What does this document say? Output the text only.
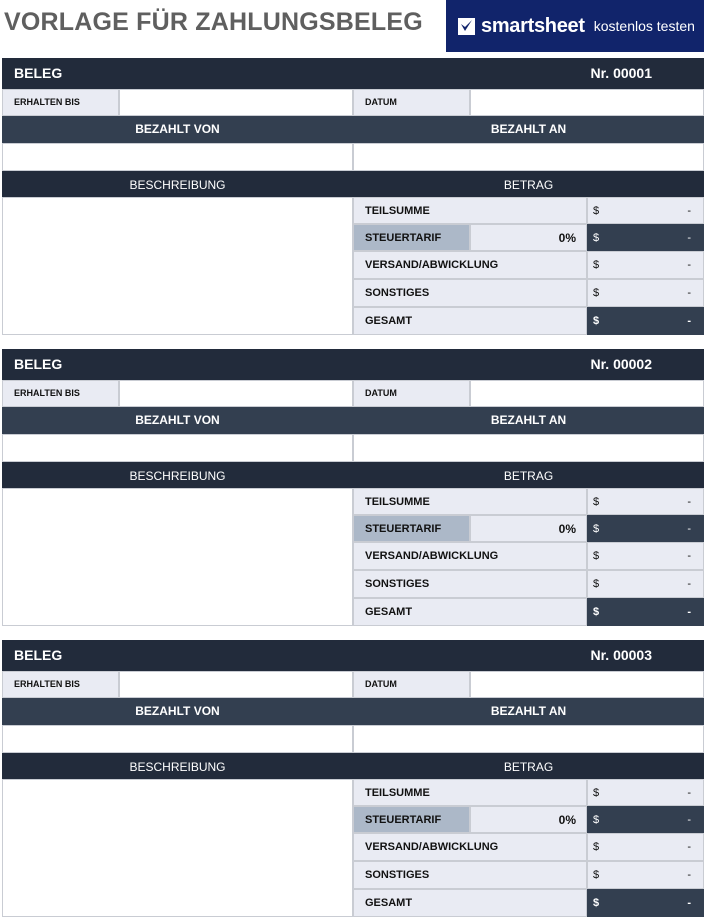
VORLAGE FÜR ZAHLUNGSBELEG	smartsheet kostenlos testen
BELEG	Nr. 00001
ERHALTEN BIS	DATUM
BEZAHLT VON	BEZAHLT AN
BESCHREIBUNG	BETRAG
TEILSUMME	$	-
STEUERTARIF	0%	$	-
VERSAND/ABWICKLUNG	$	-
SONSTIGES	$	-
GESAMT	$	-
BELEG	Nr. 00002
ERHALTEN BIS	DATUM
BEZAHLT VON	BEZAHLT AN
BESCHREIBUNG	BETRAG
TEILSUMME	$	-
STEUERTARIF	0%	$	-
VERSAND/ABWICKLUNG	$	-
SONSTIGES	$	-
GESAMT	$	-
BELEG	Nr. 00003
ERHALTEN BIS	DATUM
BEZAHLT VON	BEZAHLT AN
BESCHREIBUNG	BETRAG
TEILSUMME	$	-
STEUERTARIF	0%	$	-
VERSAND/ABWICKLUNG	$	-
SONSTIGES	$	-
GESAMT	$	-
